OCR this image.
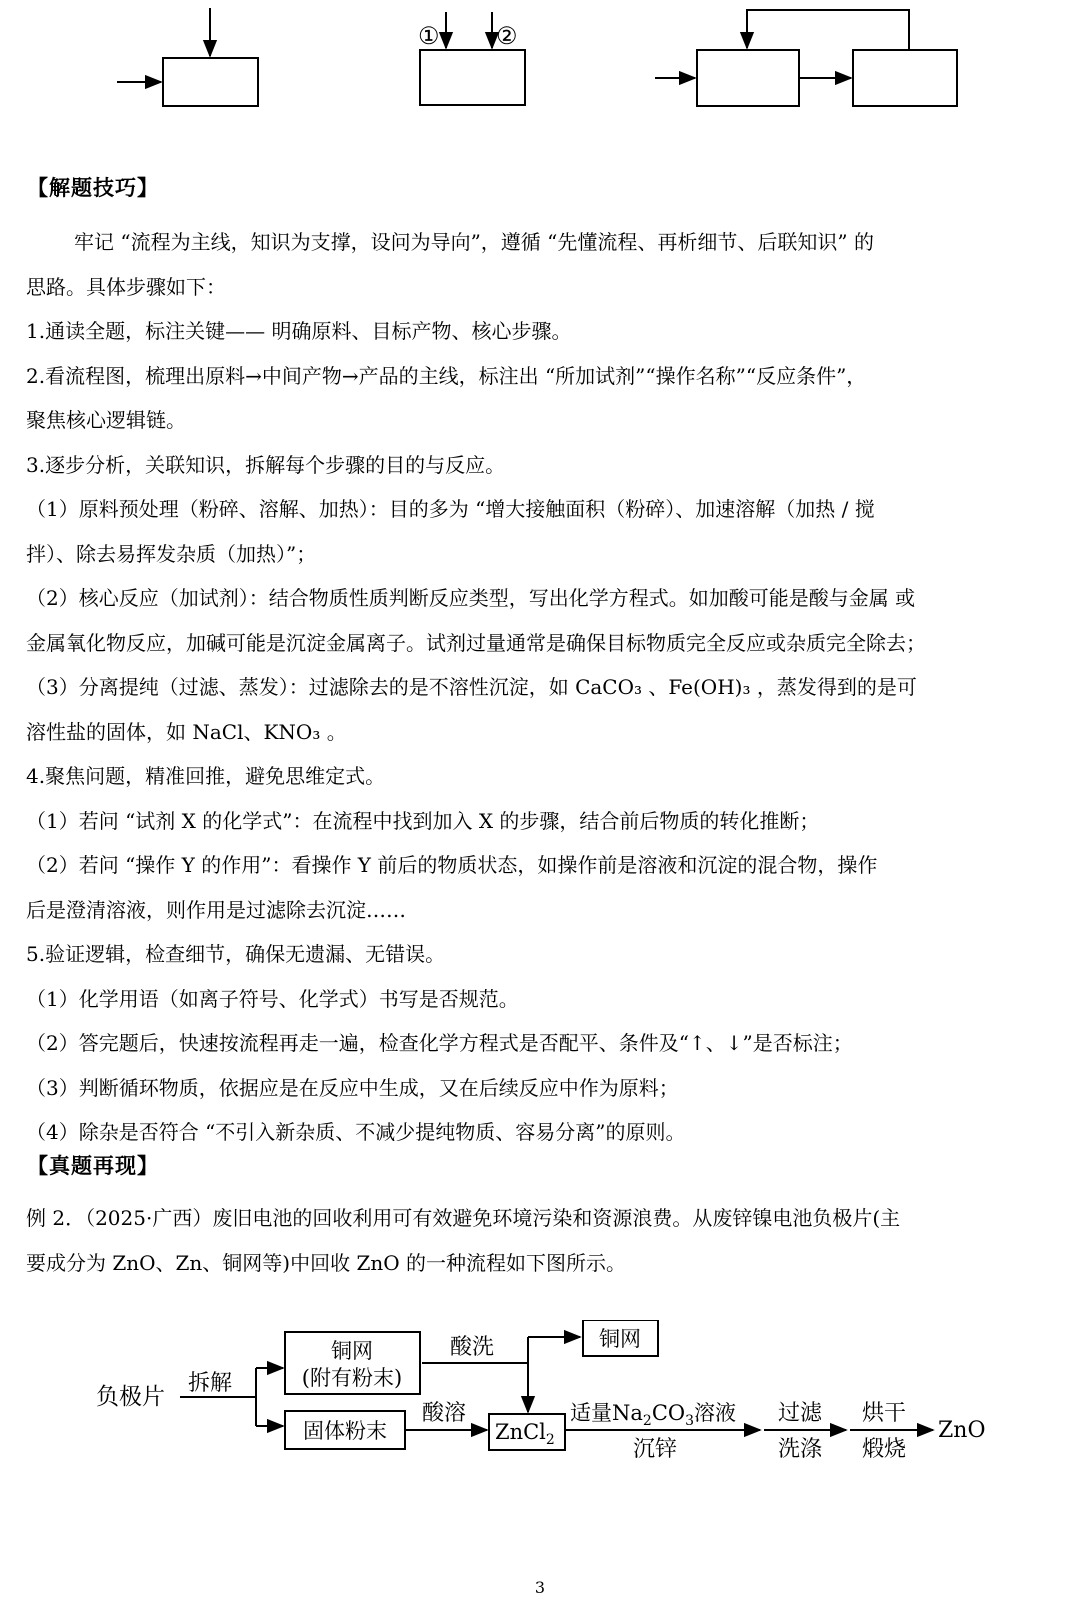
① ②
【解题技巧】

牢记 “流程为主线，知识为支撑，设问为导向”，遵循 “先懂流程、再析细节、后联知识” 的

思路。具体步骤如下：

1.通读全题，标注关键—— 明确原料、目标产物、核心步骤。

2.看流程图，梳理出原料→中间产物→产品的主线，标注出 “所加试剂”“操作名称”“反应条件”，

聚焦核心逻辑链。

3.逐步分析，关联知识，拆解每个步骤的目的与反应。

（1）原料预处理（粉碎、溶解、加热）：目的多为 “增大接触面积（粉碎）、加速溶解（加热 / 搅

拌）、除去易挥发杂质（加热）”；

（2）核心反应（加试剂）：结合物质性质判断反应类型，写出化学方程式。如加酸可能是酸与金属 或

金属氧化物反应，加碱可能是沉淀金属离子。试剂过量通常是确保目标物质完全反应或杂质完全除去；

（3）分离提纯（过滤、蒸发）：过滤除去的是不溶性沉淀，如 CaCO₃ 、Fe(OH)₃ ，蒸发得到的是可

溶性盐的固体，如 NaCl、KNO₃ 。

4.聚焦问题，精准回推，避免思维定式。

（1）若问 “试剂 X 的化学式”：在流程中找到加入 X 的步骤，结合前后物质的转化推断；

（2）若问 “操作 Y 的作用”：看操作 Y 前后的物质状态，如操作前是溶液和沉淀的混合物，操作

后是澄清溶液，则作用是过滤除去沉淀……

5.验证逻辑，检查细节，确保无遗漏、无错误。

（1）化学用语（如离子符号、化学式）书写是否规范。

（2）答完题后，快速按流程再走一遍，检查化学方程式是否配平、条件及“↑、↓”是否标注；

（3）判断循环物质，依据应是在反应中生成，又在后续反应中作为原料；

（4）除杂是否符合 “不引入新杂质、不减少提纯物质、容易分离”的原则。

【真题再现】

例 2．（2025·广西）废旧电池的回收利用可有效避免环境污染和资源浪费。从废锌镍电池负极片(主

要成分为 ZnO、Zn、铜网等)中回收 ZnO 的一种流程如下图所示。

负极片
拆解
铜网
(附有粉末)
酸洗	铜网
固体粉末
酸溶
ZnCl$_2$
适量$Na_2CO_3$溶液
沉锌
过滤
洗涤
烘干
煅烧
ZnO
3
